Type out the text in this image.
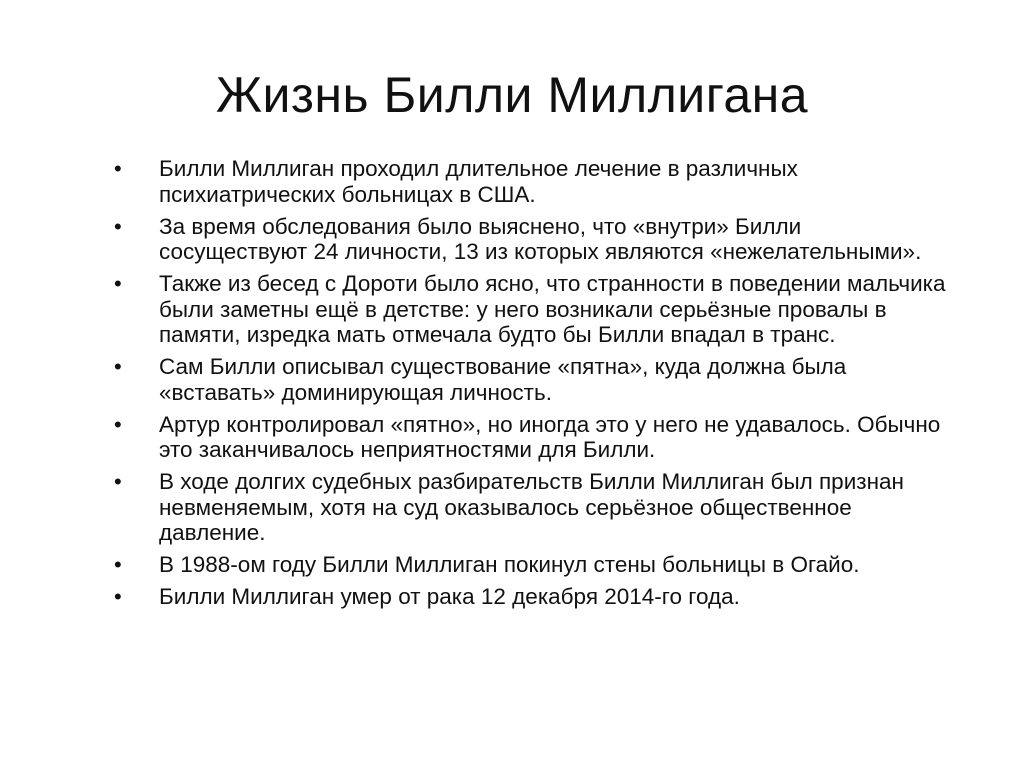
Жизнь Билли Миллигана
•	Билли Миллиган проходил длительное лечение в различных психиатрических больницах в США.
•	За время обследования было выяснено, что «внутри» Билли сосуществуют 24 личности, 13 из которых являются «нежелательными».
•	Также из бесед с Дороти было ясно, что странности в поведении мальчика были заметны ещё в детстве: у него возникали серьёзные провалы в памяти, изредка мать отмечала будто бы Билли впадал в транс.
•	Сам Билли описывал существование «пятна», куда должна была «вставать» доминирующая личность.
•	Артур контролировал «пятно», но иногда это у него не удавалось. Обычно это заканчивалось неприятностями для Билли.
•	В ходе долгих судебных разбирательств Билли Миллиган был признан невменяемым, хотя на суд оказывалось серьёзное общественное давление.
•	В 1988-ом году Билли Миллиган покинул стены больницы в Огайо.
•	Билли Миллиган умер от рака 12 декабря 2014-го года.
